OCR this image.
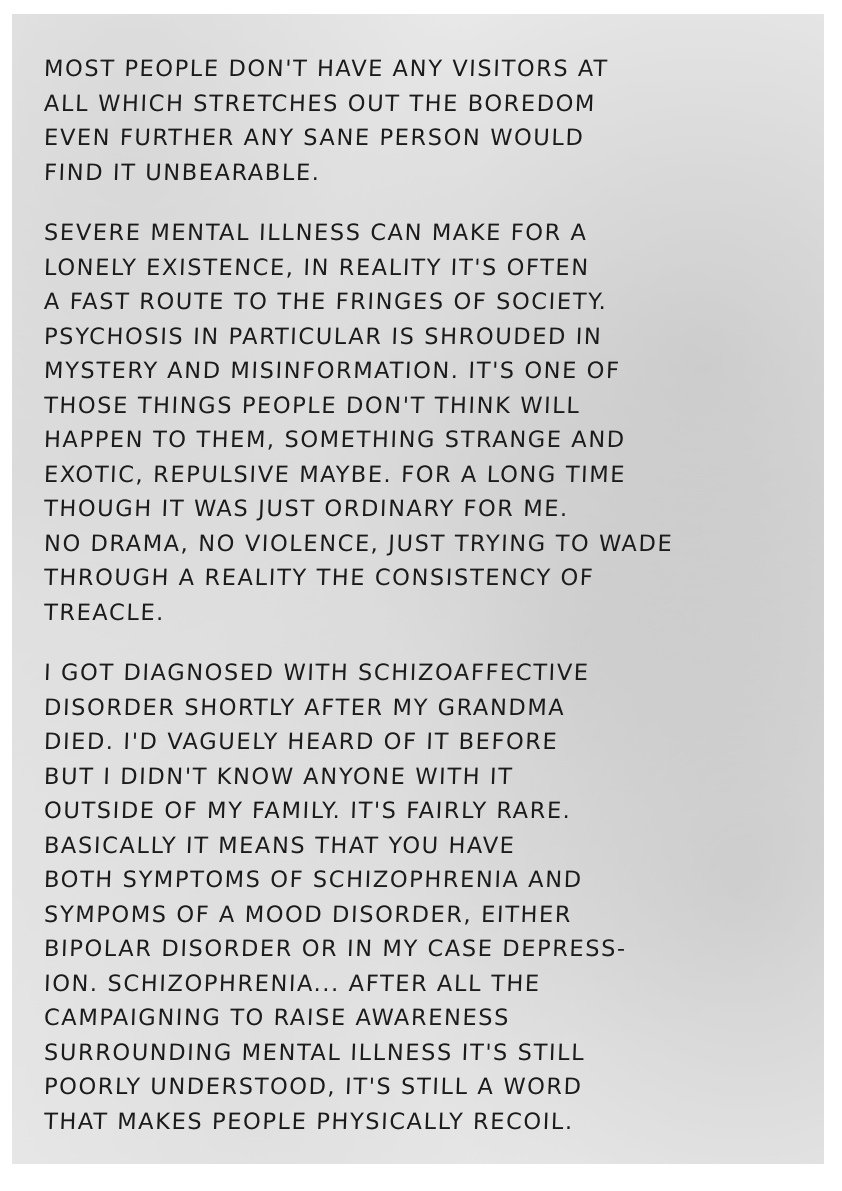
MOST PEOPLE DON'T HAVE ANY VISITORS AT
ALL WHICH STRETCHES OUT THE BOREDOM
EVEN FURTHER ANY SANE PERSON WOULD
FIND IT UNBEARABLE.
SEVERE MENTAL ILLNESS CAN MAKE FOR A
LONELY EXISTENCE, IN REALITY IT'S OFTEN
A FAST ROUTE TO THE FRINGES OF SOCIETY.
PSYCHOSIS IN PARTICULAR IS SHROUDED IN
MYSTERY AND MISINFORMATION. IT'S ONE OF
THOSE THINGS PEOPLE DON'T THINK WILL
HAPPEN TO THEM, SOMETHING STRANGE AND
EXOTIC, REPULSIVE MAYBE. FOR A LONG TIME
THOUGH IT WAS JUST ORDINARY FOR ME.
NO DRAMA, NO VIOLENCE, JUST TRYING TO WADE
THROUGH A REALITY THE CONSISTENCY OF
TREACLE.
I GOT DIAGNOSED WITH SCHIZOAFFECTIVE
DISORDER SHORTLY AFTER MY GRANDMA
DIED. I'D VAGUELY HEARD OF IT BEFORE
BUT I DIDN'T KNOW ANYONE WITH IT
OUTSIDE OF MY FAMILY. IT'S FAIRLY RARE.
BASICALLY IT MEANS THAT YOU HAVE
BOTH SYMPTOMS OF SCHIZOPHRENIA AND
SYMPOMS OF A MOOD DISORDER, EITHER
BIPOLAR DISORDER OR IN MY CASE DEPRESS-
ION. SCHIZOPHRENIA... AFTER ALL THE
CAMPAIGNING TO RAISE AWARENESS
SURROUNDING MENTAL ILLNESS IT'S STILL
POORLY UNDERSTOOD, IT'S STILL A WORD
THAT MAKES PEOPLE PHYSICALLY RECOIL.
